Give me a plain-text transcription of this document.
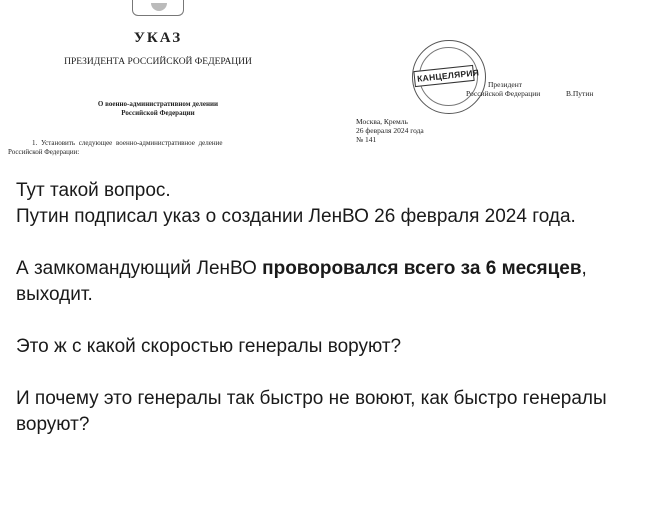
УКАЗ
ПРЕЗИДЕНТА РОССИЙСКОЙ ФЕДЕРАЦИИ
О военно-административном делении
Российской Федерации
1. Установить следующее военно-административное деление
Российской Федерации:
Москва, Кремль
26 февраля 2024 года
№ 141
КАНЦЕЛЯРИЯ
Президент
Российской Федерации	В.Путин

Тут такой вопрос.
Путин подписал указ о создании ЛенВО 26 февраля 2024 года.

А замкомандующий ЛенВО проворовался всего за 6 месяцев, выходит.

Это ж с какой скоростью генералы воруют?

И почему это генералы так быстро не воюют, как быстро генералы воруют?
